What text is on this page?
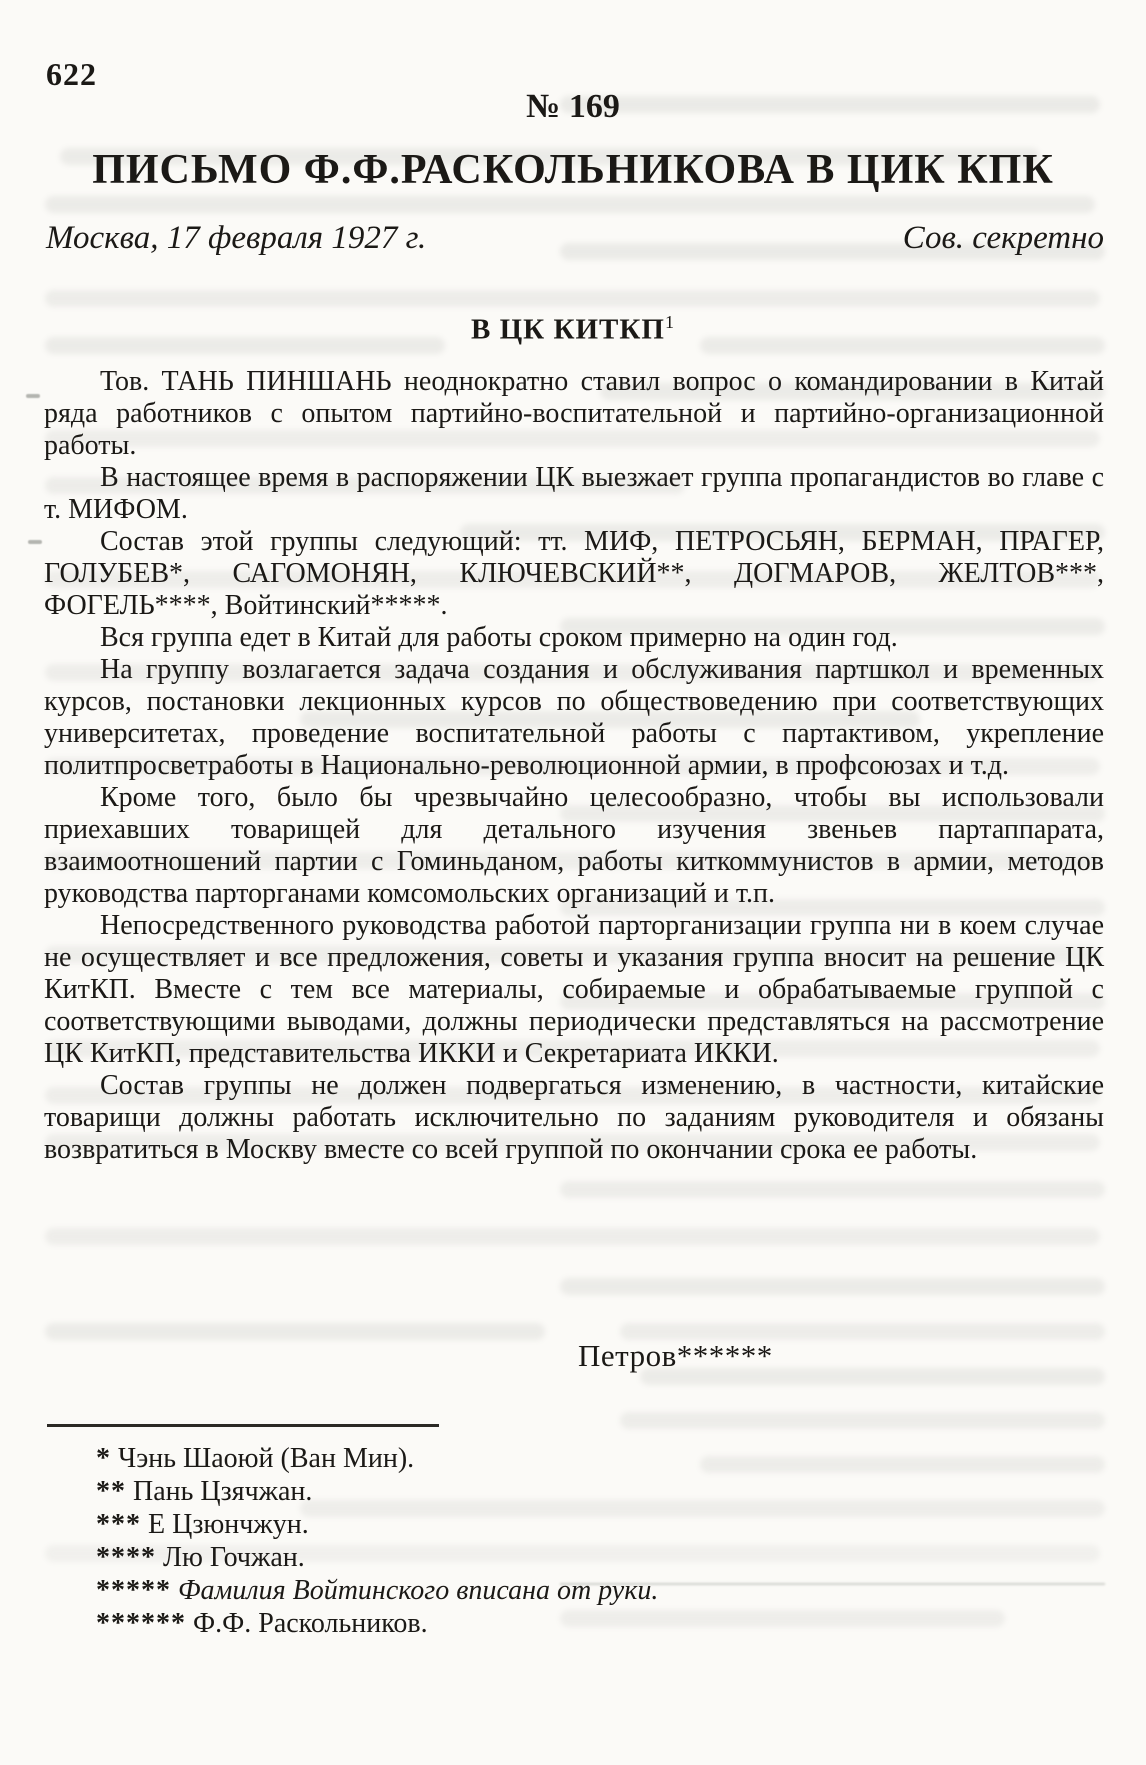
622
№ 169
ПИСЬМО Ф.Ф.РАСКОЛЬНИКОВА В ЦИК КПК
Москва, 17 февраля 1927 г.	Сов. секретно
В ЦК КИТКП$^1$

Тов. ТАНЬ ПИНШАНЬ неоднократно ставил вопрос о командировании в Китай ряда работников с опытом партийно-воспитательной и партийно-организационной работы.

В настоящее время в распоряжении ЦК выезжает группа пропагандистов во главе с т. МИФОМ.

Состав этой группы следующий: тт. МИФ, ПЕТРОСЬЯН, БЕРМАН, ПРАГЕР, ГОЛУБЕВ*, САГОМОНЯН, КЛЮЧЕВСКИЙ**, ДОГМАРОВ, ЖЕЛТОВ***, ФОГЕЛЬ****, Войтинский*****.

Вся группа едет в Китай для работы сроком примерно на один год.

На группу возлагается задача создания и обслуживания партшкол и временных курсов, постановки лекционных курсов по обществоведению при соответствующих университетах, проведение воспитательной работы с партактивом, укрепление политпросветработы в Национально-революционной армии, в профсоюзах и т.д.

Кроме того, было бы чрезвычайно целесообразно, чтобы вы использовали приехавших товарищей для детального изучения звеньев партаппарата, взаимоотношений партии с Гоминьданом, работы киткоммунистов в армии, методов руководства парторганами комсомольских организаций и т.п.

Непосредственного руководства работой парторганизации группа ни в коем случае не осуществляет и все предложения, советы и указания группа вносит на решение ЦК КитКП. Вместе с тем все материалы, собираемые и обрабатываемые группой с соответствующими выводами, должны периодически представляться на рассмотрение ЦК КитКП, представительства ИККИ и Секретариата ИККИ.

Состав группы не должен подвергаться изменению, в частности, китайские товарищи должны работать исключительно по заданиям руководителя и обязаны возвратиться в Москву вместе со всей группой по окончании срока ее работы.

Петров******

* Чэнь Шаоюй (Ван Мин).

** Пань Цзячжан.

*** Е Цзюнчжун.

**** Лю Гочжан.

***** Фамилия Войтинского вписана от руки.

****** Ф.Ф. Раскольников.
